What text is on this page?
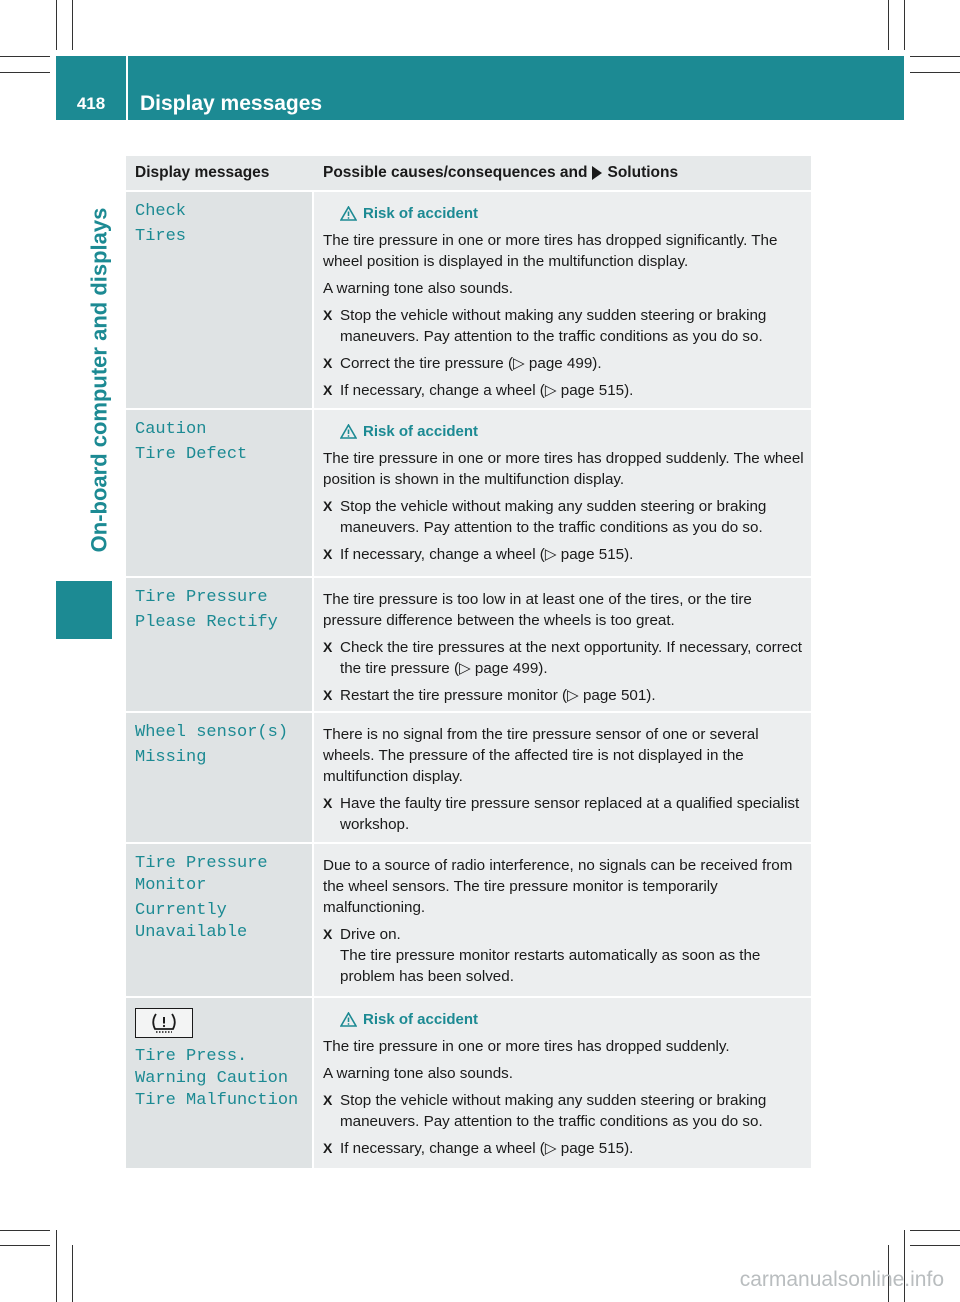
418	Display messages
On-board computer and displays
Display messages	Possible causes/consequences and Solutions
Check
Tires
Risk of accident

The tire pressure in one or more tires has dropped significantly. The wheel position is displayed in the multifunction display.

A warning tone also sounds.

X Stop the vehicle without making any sudden steering or braking maneuvers. Pay attention to the traffic conditions as you do so.
X Correct the tire pressure (▷ page 499).
X If necessary, change a wheel (▷ page 515).
Caution
Tire Defect
Risk of accident

The tire pressure in one or more tires has dropped suddenly. The wheel position is shown in the multifunction display.

X Stop the vehicle without making any sudden steering or braking maneuvers. Pay attention to the traffic conditions as you do so.
X If necessary, change a wheel (▷ page 515).
Tire Pressure
Please Rectify

The tire pressure is too low in at least one of the tires, or the tire pressure difference between the wheels is too great.

X Check the tire pressures at the next opportunity. If necessary, correct the tire pressure (▷ page 499).
X Restart the tire pressure monitor (▷ page 501).
Wheel sensor(s)
Missing

There is no signal from the tire pressure sensor of one or several wheels. The pressure of the affected tire is not displayed in the multifunction display.

X Have the faulty tire pressure sensor replaced at a qualified specialist workshop.
Tire Pressure
Monitor
Currently
Unavailable

Due to a source of radio interference, no signals can be received from the wheel sensors. The tire pressure monitor is temporarily malfunctioning.

X Drive on.
The tire pressure monitor restarts automatically as soon as the problem has been solved.
Tire Press.
Warning Caution
Tire Malfunction
Risk of accident

The tire pressure in one or more tires has dropped suddenly.

A warning tone also sounds.

X Stop the vehicle without making any sudden steering or braking maneuvers. Pay attention to the traffic conditions as you do so.
X If necessary, change a wheel (▷ page 515).
carmanualsonline.info
